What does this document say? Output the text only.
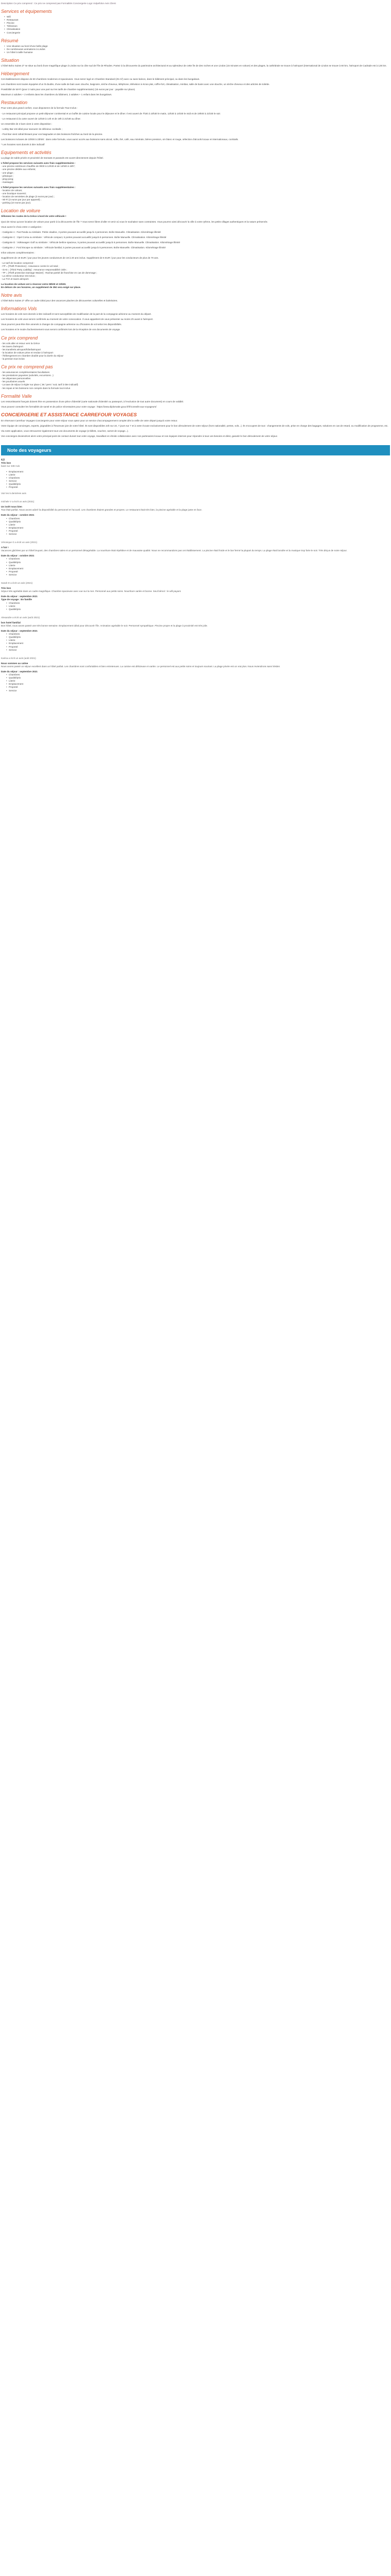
Description Ce prix comprend : Ce prix ne comprend pas Formalités Conciergerie Logo Vulpefolon Avis Client
Services et équipements
• Wifi
• Restaurant
• Piscine
• Télévision
• Climatisation
• Conciergerie
Résumé
• Une situation au bord d'une belle plage
• De nombreuses animations à Lindos
• Un hôtel à taille humaine
Situation

L'hôtel Boho Suites Z* se situe au bord d'une magnifique plage à Lindos sur la côte sud de l'île de Rhodes. Partez à la découverte du patrimoine architectural et au splendeur de cette île de des roches et une Lindos (15 minutes en voiture) et des plages, la cathédrale se trouve à l'aéroport (international de Lindos se trouve à 60 km, l'aéroport de Cadrade est à 125 km.

Hébergement

Cet établissement dispose de 60 chambres modernes et spacieuses. Vous serez logé en Chambre Standard (25 m²) avec ou sans balcon, dans le bâtiment principal, ou dans les bungalows.

Les chambres sont toutes équipées d'un lit double, d'une salle de bain avec douche, baignoire, sèche-cheveux, téléphone, télévision à écran plat, coffre-fort, climatisation, minibar, salle de bains avec une douche, un sèche-cheveux et des articles de toilette.

Possibilité de Wi-Fi (pour 2 nuits pour une part sur les tarifs de chambre supplémentaire) (15 euros par jour : payable sur place).

Maximum 2 adultes + 2 enfants dans les chambres du bâtiment, 2 adultes + 1 enfant dans les bungalows.

Restauration

Pour votre plus grand confort, vous disposerez de la formule Tout Inclus :

- Le restaurant principal propose un petit-déjeuner continental et un buffet de cuisine locale pour le déjeuner et le dîner. Il est ouvert de 7h30 à 10h30 le matin, 12h30 à 14h30 le midi et de 19h00 à 21h30 le soir.

- Le restaurant à la carte ouvert de 12h30 à 14h et de 19h à 21h30 au dîner.

Un ensemble de 2 bars vient à votre disposition :

- Lobby Bar est idéal pour savourer de délicieux cocktails ;

- Pool Bar vient rafraîchissant pour vos baignades et des boissons fraîches au bord de la piscine.

Les boissons incluses de 10h00 à 23h00 : dans cette formule, vous aurez accès aux boissons sans alcool, softs, thé, café, eau minérale, bières pression, vin blanc et rouge, sélection d'alcools locaux et internationaux, cocktails.

* Les horaires sont donnés à titre indicatif

Equipements et activités

La plage de sable privée et proximité de transats et parasols est ouvert directement depuis l'hôtel.

L'hôtel propose les services suivants avec frais supplémentaires :

- une piscine extérieure chauffée de 9h00 à 12h30 et de 14h00 à 19h*;
- une piscine dédiée aux enfants;
- une plage ;
- pétanque ;
- ping-pong;
- massages

L'hôtel propose les services suivants avec frais supplémentaires :

- location de voiture;
- une boutique souvenir;
- location de serviettes de plage (3 euros par jour) ;
- Wi-Fi (2 euros par jour par appareil) ;
- parking (10 euros par jour).
Location de voiture

Sillonnez les routes de la Grèce à bord de votre véhicule !

Quoi de mieux qu'une location de voiture pour partir à la découverte de l'île ? Vous serez libres d'aller et venir où vous le souhaitez sans contraintes. Vous pourrez ainsi découvrir la ville à votre rythme, les petits villages authentiques et la nature préservée.

Vous aurez le choix entre 4 catégories :

- Catégorie A : Fiat Panda ou similaire. Petite citadine, 3 portes pouvant accueillir jusqu'à 4 personnes. Boîte Manuelle. Climatisation. Kilométrage illimité

- Catégorie C : Opel Corsa ou similaire : Véhicule compact, 5 portes pouvant accueillir jusqu'à 5 personnes. Boîte Manuelle. Climatisation. Kilométrage illimité

- Catégorie D : Volkswagen Golf ou similaire : Véhicule berline spacieux, 5 portes pouvant accueillir jusqu'à 5 personnes. Boîte Manuelle. Climatisation. Kilométrage illimité

- Catégorie J : Ford Escape ou similaire : Véhicule familial, 5 portes pouvant accueillir jusqu'à 5 personnes. Boîte Manuelle. Climatisation. Kilométrage illimité

Infos voitures complémentaires :

Supplément de 19 EUR / jour pour les jeunes conducteurs de 19 à 20 ans inclus. Supplément de 6 EUR / jour pour les conducteurs de plus de 70 ans.

- Le tarif de location comprend :

- FP = [Théft Protection] : Assurance contre le vol total ;
- GAS = [Third Party Liability] : Assurance responsabilité civile ;
- TP = [Theft protection Damage Waiver] : Rachat partiel de franchise en cas de dommage ;
- La 2ème conducteur est inclus ;
- La TVA et taxes aéroport.

La location de voiture est à réserver entre 08h00 et 23h00.

En dehors de ces horaires, un supplément de 35€ sera exigé sur place.

Notre avis

L'hôtel Boho Suites Z* offre un cadre idéal pour des vacances placées de découvertes culturelles et balnéaires.

Informations Vols

Les horaires de vols sont donnés à titre indicatif et sont susceptibles de modification de la part de la compagnie aérienne au moment du départ.

Les horaires de vols vous seront confirmés au moment de votre convocation. Il vous appartient de vous présenter au moins 2h avant à l'aéroport.

Vous pourrez peut-être être amenés à changer de compagnie aérienne ou d'horaires de vol selon les disponibilités.

Les horaires et le mode d'acheminement vous seront confirmés lors de la réception de vos documents de voyage.

Ce prix comprend
- les vols aller et retour vers la Grèce
- les taxes d'aéroport
- les transferts aéroport/hôtel/aéroport
- la location de voiture prise et rendue à l'aéroport
- l'hébergement en chambre double pour la durée du séjour
- la pension tout inclus
Ce prix ne comprend pas
- les assurances complémentaires facultatives
- les prestations payantes (activités, excursions...)
- les dépenses personnelles
- les pourboires usuels
- La taxe de séjour à régler sur place ( 3€ / pers / nuit, tarif à titre indicatif)
- les repas et les boissons non compris dans la formule tout inclus
Formalité Valle

Les ressortissants français doivent être en possession d'une pièce d'identité (carte nationale d'identité ou passeport, à l'exclusion de tout autre document) en cours de validité.

Vous pouvez consulter les formalités de santé et de police nécessaires pour votre voyage : https://www.diplomatie.gouv.fr/fr/conseils-aux-voyageurs/

CONCIERGERIE ET ASSISTANCE CARREFOUR VOYAGES

En réservant Carrefour Voyages Conciergerie pour votre séjour vous optez pour un service d'accompagnement complet dès la veille de votre départ jusqu'à votre retour.

Votre équipe de concierges, experts, joignables à l'heureuse joie de votre hôtel. Ils sont disponibles 24h sur 24, 7 jours sur 7 et à votre écoute exclusivement pour le bon déroulement de votre séjour (hors nationalité, pertes, vols...). Ils s'occupent de tout : changements de vols, prise en charge des bagages, solutions en cas de retard, ou modification de programme, etc.

Via notre application, vous retrouverez également tous vos documents de voyage (e-billets, voucher, carnet de voyage...).

Vos concierges deviendront alors votre principal point de contact durant tout votre voyage, travaillant en étroite collaboration avec nos partenaires locaux et nos équipes internes pour répondre à tous vos besoins et désir, garantir le bon déroulement de votre séjour.

Note des voyageurs
4.0
Très bon
basé sur 339 Avis
• Emplacement
• Literie
• Chambres
• Service
• Qualité/prix
• Propreté
Voir les 5 dernières avis
michele V a écrit un avis (2021)
Un isolé nous bien
Tout était parfait. Nous avons adoré la disponibilité du personnel et l'accueil. Les chambres étaient grandes et propres. Le restaurant était très bien, la piscine agréable et la plage juste en face.
Date du séjour : octobre 2021
• Chambres
• Qualité/prix
• Literie
• Emplacement
• Propreté
• Service
Véronique G a écrit un avis (2021)
A fuir !
Vacances gâchées par un hôtel bruyant, des chambres sales et un personnel désagréable. La nourriture était répétitive et de mauvaise qualité. Nous ne recommandons pas cet établissement. La piscine était froide et le bar fermé la plupart du temps. La plage était bondée et la musique trop forte le soir. Très déçus de notre séjour.
Date du séjour : octobre 2021
• Chambres
• Qualité/prix
• Literie
• Emplacement
• Propreté
• Service
Sarah D a écrit un avis (2021)
Très bon
Séjour très agréable dans un cadre magnifique. Chambre spacieuse avec vue sur la mer. Personnel aux petits soins. Nourriture variée et bonne. Seul bémol : le wifi payant.
Date du séjour : septembre 2021
Type de voyage : En famille
• Chambres
• Literie
• Qualité/prix
Alexandre a écrit un avis (août 2021)
bon hotel familial
Bon hôtel, nous avons passé une très bonne semaine. Emplacement idéal pour découvrir l'île. Animation agréable le soir. Personnel sympathique. Piscine propre et la plage à proximité est très jolie.
Date du séjour : septembre 2021
• Chambres
• Qualité/prix
• Literie
• Emplacement
• Propreté
• Service
Karina a écrit un avis (août 2021)
Nous sommes au calme
Nous avons passé un séjour excellent dans un hôtel parfait. Les chambres sont confortables et bien entretenues. La cuisine est délicieuse et variée. Le personnel est aux petits soins et toujours souriant. La plage privée est un vrai plus. Nous reviendrons sans hésiter.
Date du séjour : septembre 2021
• Chambres
• Qualité/prix
• Literie
• Emplacement
• Propreté
• Service
